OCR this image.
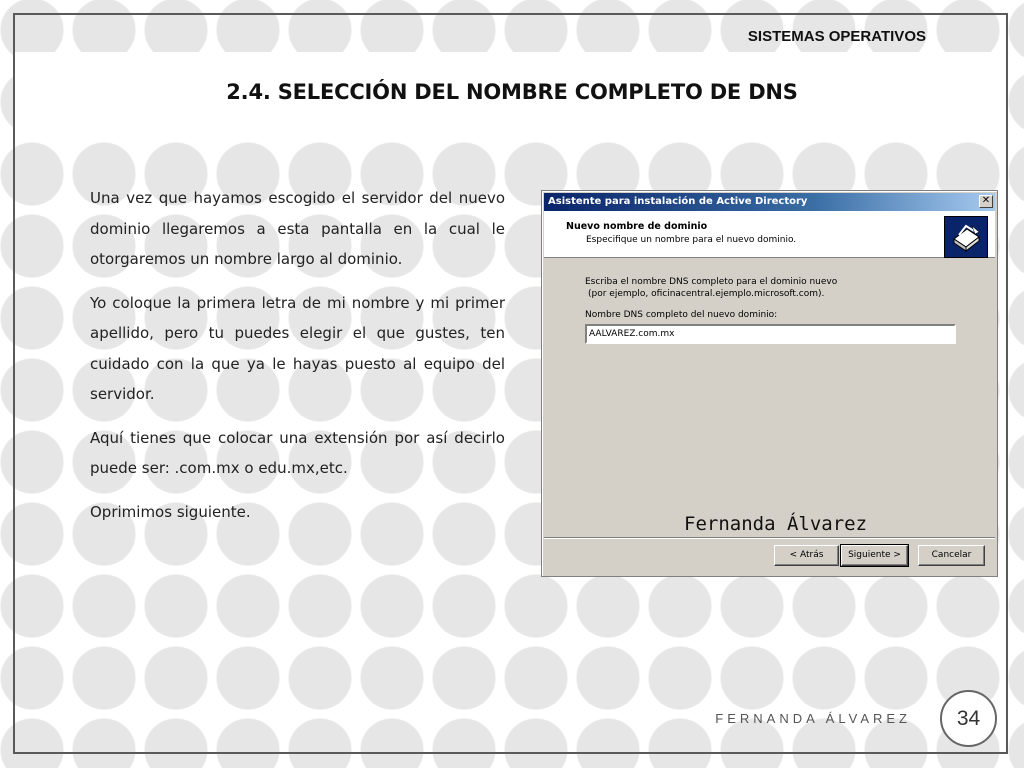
SISTEMAS OPERATIVOS
2.4. SELECCIÓN DEL NOMBRE COMPLETO DE DNS

Una vez que hayamos escogido el servidor del nuevo dominio llegaremos a esta pantalla en la cual le otorgaremos un nombre largo al dominio.

Yo coloque la primera letra de mi nombre y mi primer apellido, pero tu puedes elegir el que gustes, ten cuidado con la que ya le hayas puesto al equipo del servidor.

Aquí tienes que colocar una extensión por así decirlo puede ser: .com.mx o edu.mx,etc.

Oprimimos siguiente.

Asistente para instalación de Active Directory	✕
Nuevo nombre de dominio
Especifique un nombre para el nuevo dominio.
Escriba el nombre DNS completo para el dominio nuevo
(por ejemplo, oficinacentral.ejemplo.microsoft.com).
Nombre DNS completo del nuevo dominio:
AALVAREZ.com.mx
Fernanda Álvarez
< Atrás	Siguiente >	Cancelar
FERNANDA ÁLVAREZ	34
